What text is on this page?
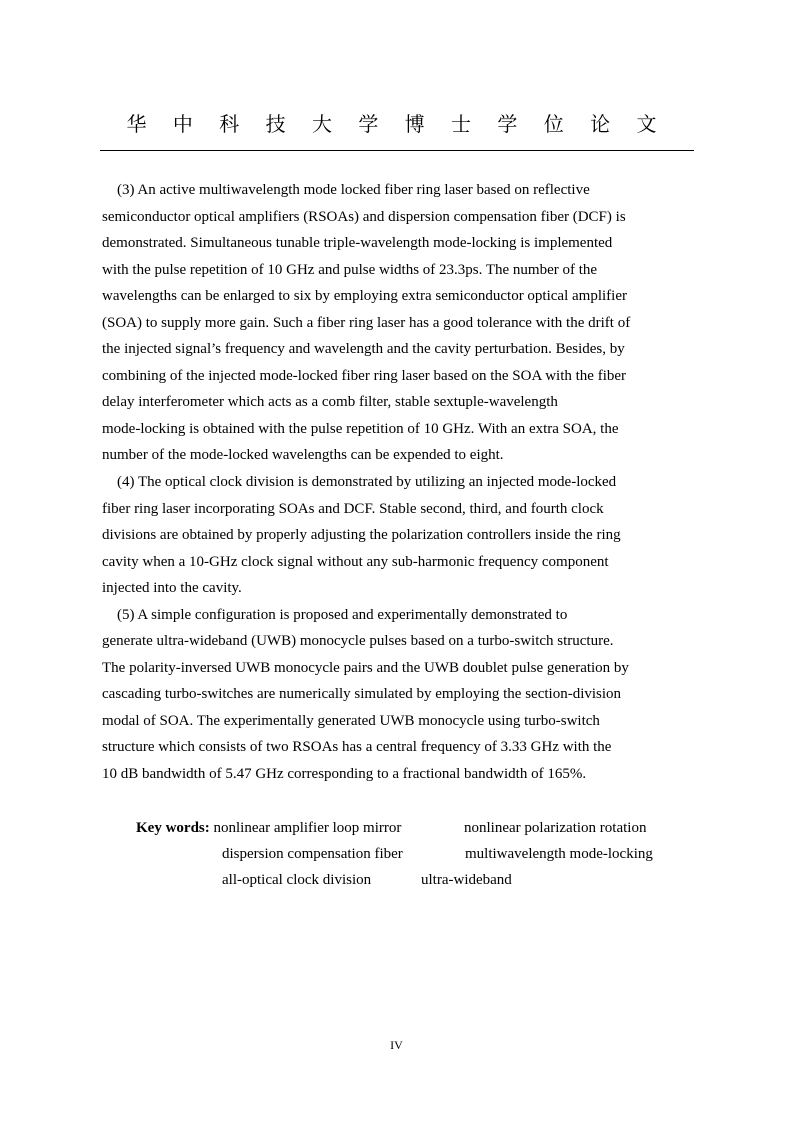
华 中 科 技 大 学 博 士 学 位 论 文
(3) An active multiwavelength mode locked fiber ring laser based on reflective
semiconductor optical amplifiers (RSOAs) and dispersion compensation fiber (DCF) is
demonstrated. Simultaneous tunable triple-wavelength mode-locking is implemented
with the pulse repetition of 10 GHz and pulse widths of 23.3ps. The number of the
wavelengths can be enlarged to six by employing extra semiconductor optical amplifier
(SOA) to supply more gain. Such a fiber ring laser has a good tolerance with the drift of
the injected signal’s frequency and wavelength and the cavity perturbation. Besides, by
combining of the injected mode-locked fiber ring laser based on the SOA with the fiber
delay interferometer which acts as a comb filter, stable sextuple-wavelength
mode-locking is obtained with the pulse repetition of 10 GHz. With an extra SOA, the
number of the mode-locked wavelengths can be expended to eight.
(4) The optical clock division is demonstrated by utilizing an injected mode-locked
fiber ring laser incorporating SOAs and DCF. Stable second, third, and fourth clock
divisions are obtained by properly adjusting the polarization controllers inside the ring
cavity when a 10-GHz clock signal without any sub-harmonic frequency component
injected into the cavity.
(5) A simple configuration is proposed and experimentally demonstrated to
generate ultra-wideband (UWB) monocycle pulses based on a turbo-switch structure.
The polarity-inversed UWB monocycle pairs and the UWB doublet pulse generation by
cascading turbo-switches are numerically simulated by employing the section-division
modal of SOA. The experimentally generated UWB monocycle using turbo-switch
structure which consists of two RSOAs has a central frequency of 3.33 GHz with the
10 dB bandwidth of 5.47 GHz corresponding to a fractional bandwidth of 165%.
Key words: nonlinear amplifier loop mirror	nonlinear polarization rotation
dispersion compensation fiber	multiwavelength mode-locking
all-optical clock division	ultra-wideband
IV
